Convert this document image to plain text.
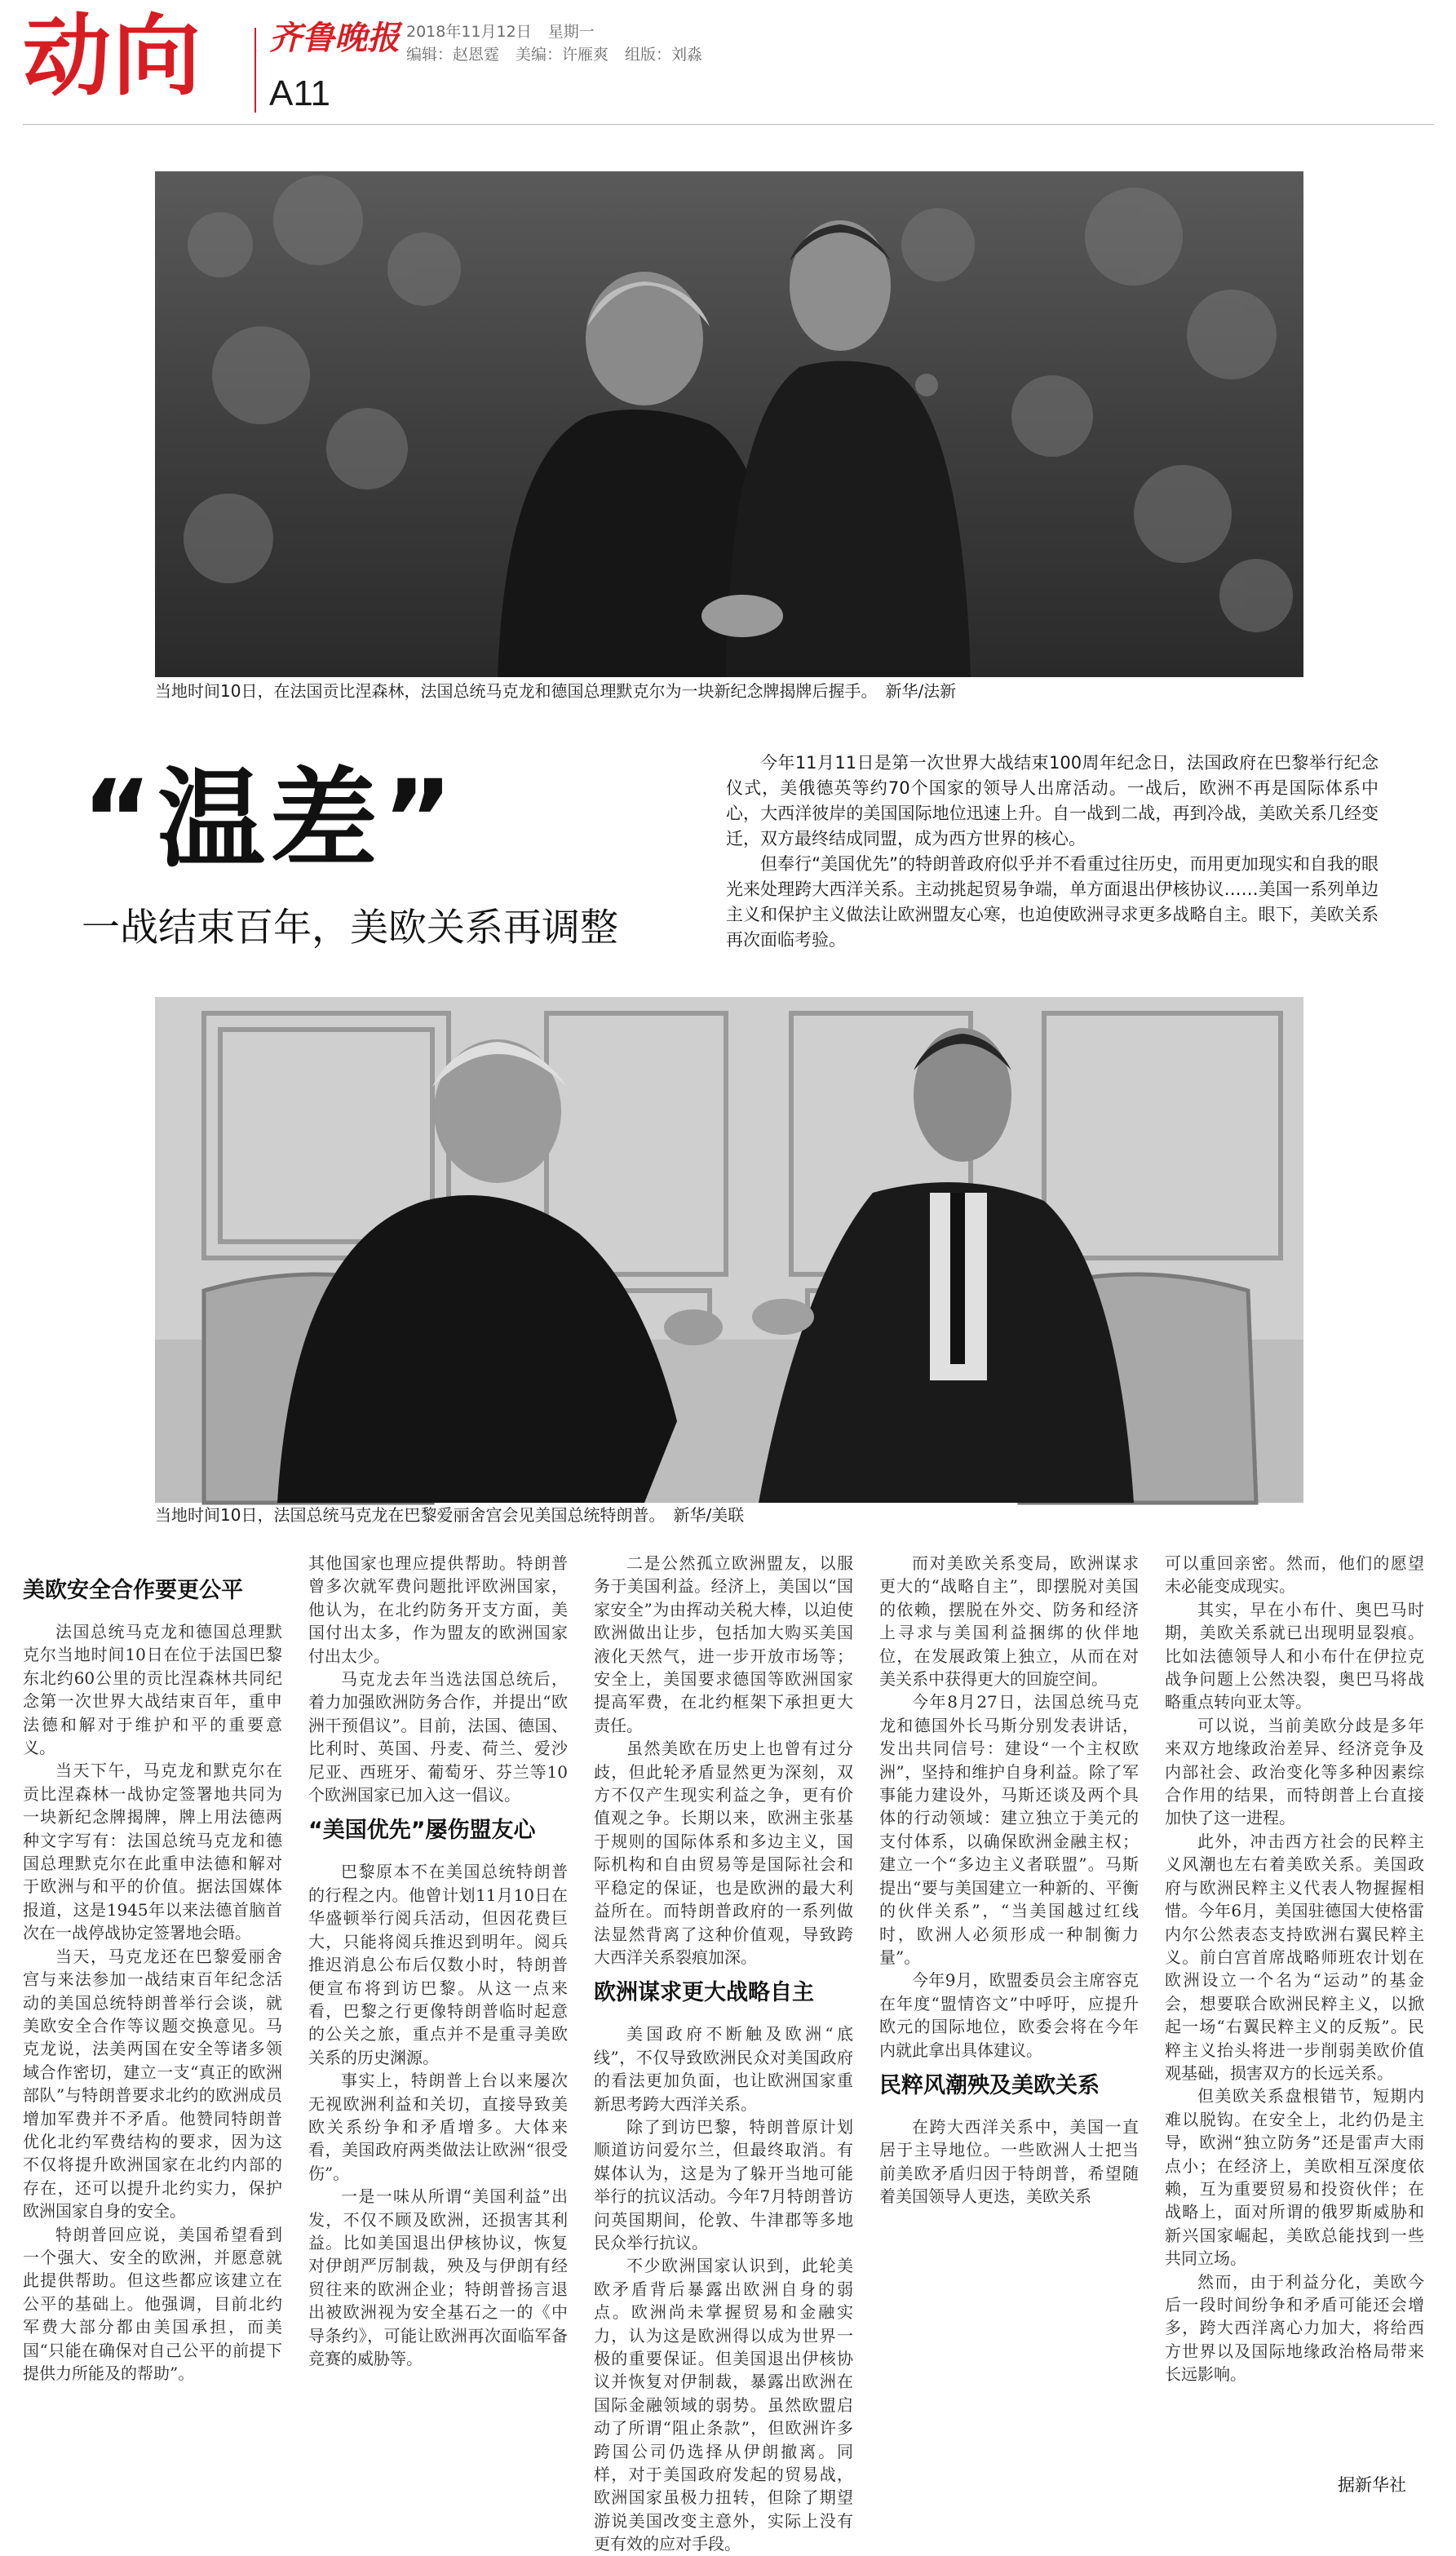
动向 齐鲁晚报
A11
2018年11月12日 星期一
编辑：赵恩霆 美编：许雁爽 组版：刘淼
当地时间10日，在法国贡比涅森林，法国总统马克龙和德国总理默克尔为一块新纪念牌揭牌后握手。　新华/法新
“温差”
一战结束百年，美欧关系再调整

今年11月11日是第一次世界大战结束100周年纪念日，法国政府在巴黎举行纪念仪式，美俄德英等约70个国家的领导人出席活动。一战后，欧洲不再是国际体系中心，大西洋彼岸的美国国际地位迅速上升。自一战到二战，再到冷战，美欧关系几经变迁，双方最终结成同盟，成为西方世界的核心。

但奉行“美国优先”的特朗普政府似乎并不看重过往历史，而用更加现实和自我的眼光来处理跨大西洋关系。主动挑起贸易争端，单方面退出伊核协议……美国一系列单边主义和保护主义做法让欧洲盟友心寒，也迫使欧洲寻求更多战略自主。眼下，美欧关系再次面临考验。

当地时间10日，法国总统马克龙在巴黎爱丽舍宫会见美国总统特朗普。　新华/美联
美欧安全合作要更公平

法国总统马克龙和德国总理默克尔当地时间10日在位于法国巴黎东北约60公里的贡比涅森林共同纪念第一次世界大战结束百年，重申法德和解对于维护和平的重要意义。

当天下午，马克龙和默克尔在贡比涅森林一战协定签署地共同为一块新纪念牌揭牌，牌上用法德两种文字写有：法国总统马克龙和德国总理默克尔在此重申法德和解对于欧洲与和平的价值。据法国媒体报道，这是1945年以来法德首脑首次在一战停战协定签署地会晤。

当天，马克龙还在巴黎爱丽舍宫与来法参加一战结束百年纪念活动的美国总统特朗普举行会谈，就美欧安全合作等议题交换意见。马克龙说，法美两国在安全等诸多领域合作密切，建立一支“真正的欧洲部队”与特朗普要求北约的欧洲成员增加军费并不矛盾。他赞同特朗普优化北约军费结构的要求，因为这不仅将提升欧洲国家在北约内部的存在，还可以提升北约实力，保护欧洲国家自身的安全。

特朗普回应说，美国希望看到一个强大、安全的欧洲，并愿意就此提供帮助。但这些都应该建立在公平的基础上。他强调，目前北约军费大部分都由美国承担，而美国“只能在确保对自己公平的前提下提供力所能及的帮助”。

其他国家也理应提供帮助。特朗普曾多次就军费问题批评欧洲国家，他认为，在北约防务开支方面，美国付出太多，作为盟友的欧洲国家付出太少。

马克龙去年当选法国总统后，着力加强欧洲防务合作，并提出“欧洲干预倡议”。目前，法国、德国、比利时、英国、丹麦、荷兰、爱沙尼亚、西班牙、葡萄牙、芬兰等10个欧洲国家已加入这一倡议。

“美国优先”屡伤盟友心

巴黎原本不在美国总统特朗普的行程之内。他曾计划11月10日在华盛顿举行阅兵活动，但因花费巨大，只能将阅兵推迟到明年。阅兵推迟消息公布后仅数小时，特朗普便宣布将到访巴黎。从这一点来看，巴黎之行更像特朗普临时起意的公关之旅，重点并不是重寻美欧关系的历史渊源。

事实上，特朗普上台以来屡次无视欧洲利益和关切，直接导致美欧关系纷争和矛盾增多。大体来看，美国政府两类做法让欧洲“很受伤”。

一是一味从所谓“美国利益”出发，不仅不顾及欧洲，还损害其利益。比如美国退出伊核协议，恢复对伊朗严厉制裁，殃及与伊朗有经贸往来的欧洲企业；特朗普扬言退出被欧洲视为安全基石之一的《中导条约》，可能让欧洲再次面临军备竞赛的威胁等。

二是公然孤立欧洲盟友，以服务于美国利益。经济上，美国以“国家安全”为由挥动关税大棒，以迫使欧洲做出让步，包括加大购买美国液化天然气，进一步开放市场等；安全上，美国要求德国等欧洲国家提高军费，在北约框架下承担更大责任。

虽然美欧在历史上也曾有过分歧，但此轮矛盾显然更为深刻，双方不仅产生现实利益之争，更有价值观之争。长期以来，欧洲主张基于规则的国际体系和多边主义，国际机构和自由贸易等是国际社会和平稳定的保证，也是欧洲的最大利益所在。而特朗普政府的一系列做法显然背离了这种价值观，导致跨大西洋关系裂痕加深。

欧洲谋求更大战略自主

美国政府不断触及欧洲“底线”，不仅导致欧洲民众对美国政府的看法更加负面，也让欧洲国家重新思考跨大西洋关系。

除了到访巴黎，特朗普原计划顺道访问爱尔兰，但最终取消。有媒体认为，这是为了躲开当地可能举行的抗议活动。今年7月特朗普访问英国期间，伦敦、牛津郡等多地民众举行抗议。

不少欧洲国家认识到，此轮美欧矛盾背后暴露出欧洲自身的弱点。欧洲尚未掌握贸易和金融实力，认为这是欧洲得以成为世界一极的重要保证。但美国退出伊核协议并恢复对伊制裁，暴露出欧洲在国际金融领域的弱势。虽然欧盟启动了所谓“阻止条款”，但欧洲许多跨国公司仍选择从伊朗撤离。同样，对于美国政府发起的贸易战，欧洲国家虽极力扭转，但除了期望游说美国改变主意外，实际上没有更有效的应对手段。

而对美欧关系变局，欧洲谋求更大的“战略自主”，即摆脱对美国的依赖，摆脱在外交、防务和经济上寻求与美国利益捆绑的伙伴地位，在发展政策上独立，从而在对美关系中获得更大的回旋空间。

今年8月27日，法国总统马克龙和德国外长马斯分别发表讲话，发出共同信号：建设“一个主权欧洲”，坚持和维护自身利益。除了军事能力建设外，马斯还谈及两个具体的行动领域：建立独立于美元的支付体系，以确保欧洲金融主权；建立一个“多边主义者联盟”。马斯提出“要与美国建立一种新的、平衡的伙伴关系”，“当美国越过红线时，欧洲人必须形成一种制衡力量”。

今年9月，欧盟委员会主席容克在年度“盟情咨文”中呼吁，应提升欧元的国际地位，欧委会将在今年内就此拿出具体建议。

民粹风潮殃及美欧关系

在跨大西洋关系中，美国一直居于主导地位。一些欧洲人士把当前美欧矛盾归因于特朗普，希望随着美国领导人更迭，美欧关系

可以重回亲密。然而，他们的愿望未必能变成现实。

其实，早在小布什、奥巴马时期，美欧关系就已出现明显裂痕。比如法德领导人和小布什在伊拉克战争问题上公然决裂，奥巴马将战略重点转向亚太等。

可以说，当前美欧分歧是多年来双方地缘政治差异、经济竞争及内部社会、政治变化等多种因素综合作用的结果，而特朗普上台直接加快了这一进程。

此外，冲击西方社会的民粹主义风潮也左右着美欧关系。美国政府与欧洲民粹主义代表人物握握相惜。今年6月，美国驻德国大使格雷内尔公然表态支持欧洲右翼民粹主义。前白宫首席战略师班农计划在欧洲设立一个名为“运动”的基金会，想要联合欧洲民粹主义，以掀起一场“右翼民粹主义的反叛”。民粹主义抬头将进一步削弱美欧价值观基础，损害双方的长远关系。

但美欧关系盘根错节，短期内难以脱钩。在安全上，北约仍是主导，欧洲“独立防务”还是雷声大雨点小；在经济上，美欧相互深度依赖，互为重要贸易和投资伙伴；在战略上，面对所谓的俄罗斯威胁和新兴国家崛起，美欧总能找到一些共同立场。

然而，由于利益分化，美欧今后一段时间纷争和矛盾可能还会增多，跨大西洋离心力加大，将给西方世界以及国际地缘政治格局带来长远影响。

据新华社
